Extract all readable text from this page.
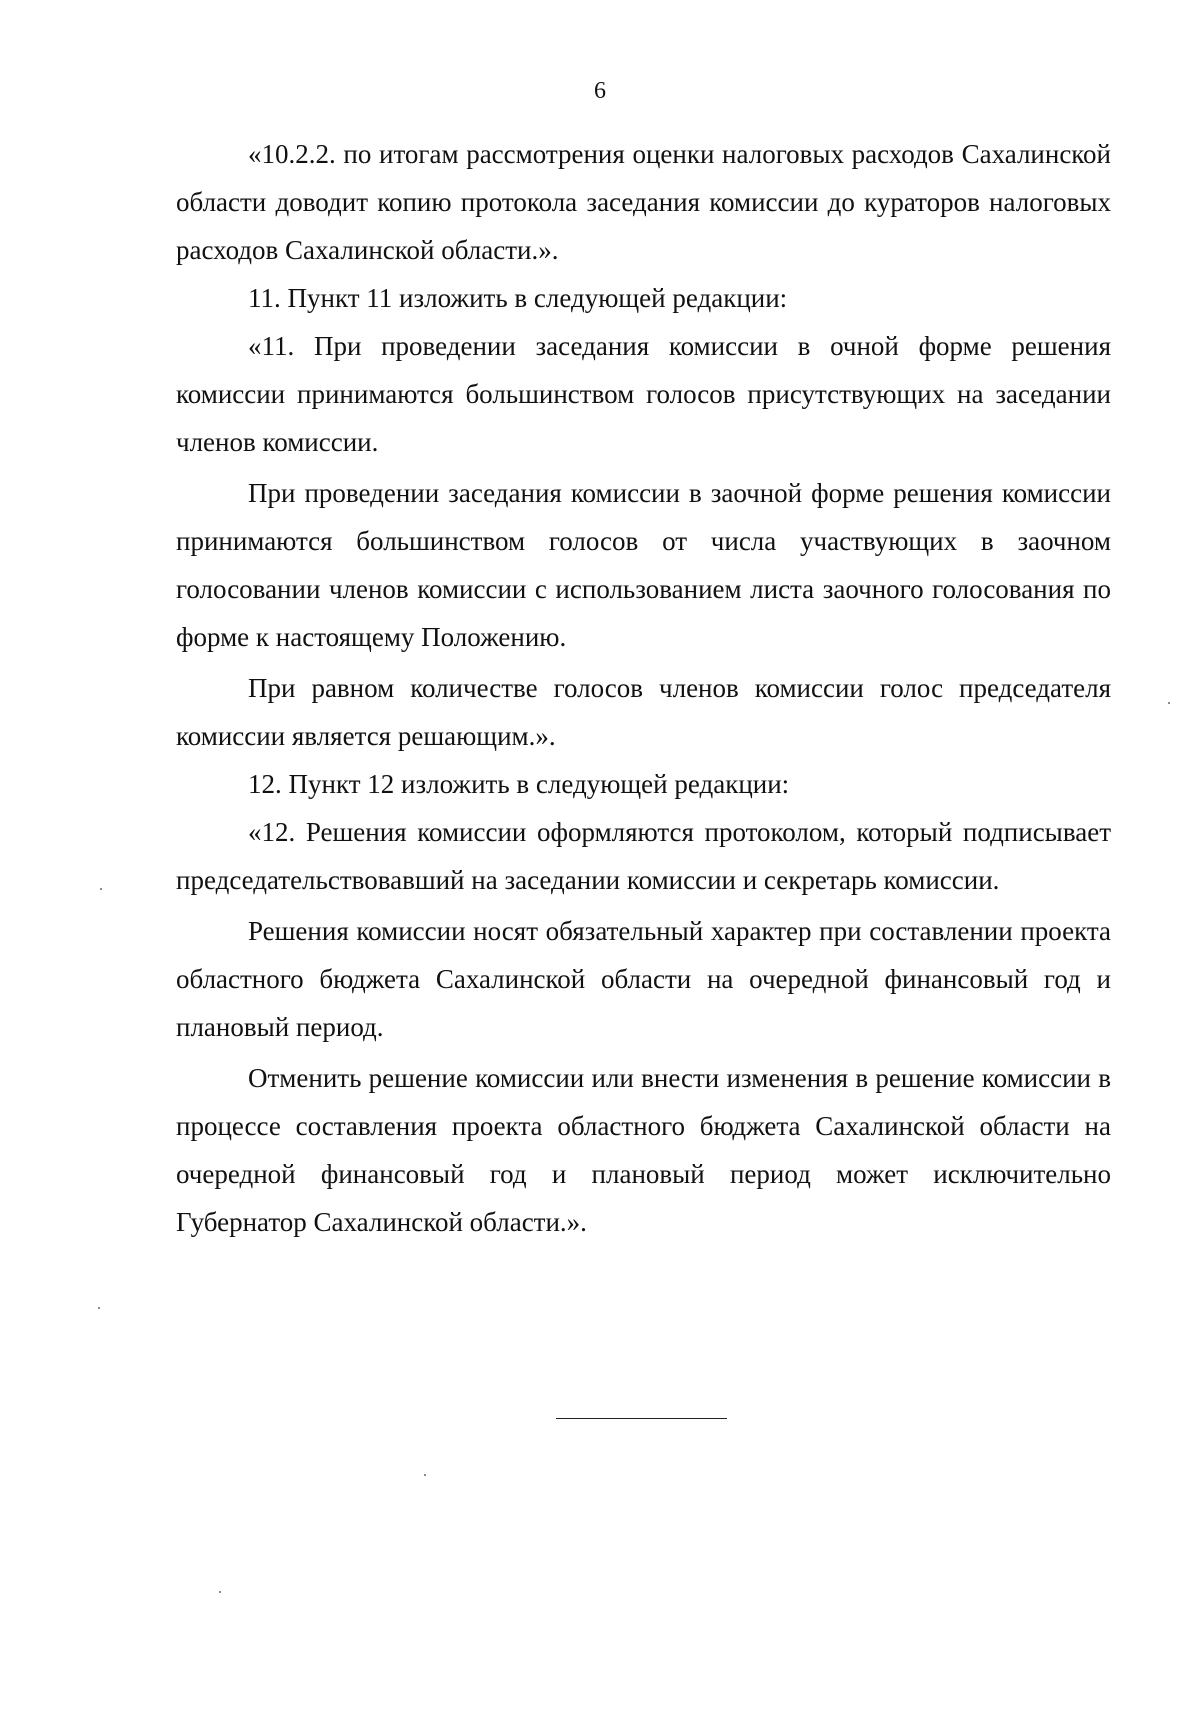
6

«10.2.2. по итогам рассмотрения оценки налоговых расходов Сахалинской области доводит копию протокола заседания комиссии до кураторов налоговых расходов Сахалинской области.».

11. Пункт 11 изложить в следующей редакции:

«11. При проведении заседания комиссии в очной форме решения комиссии принимаются большинством голосов присутствующих на заседании членов комиссии.

При проведении заседания комиссии в заочной форме решения комиссии принимаются большинством голосов от числа участвующих в заочном голосовании членов комиссии с использованием листа заочного голосования по форме к настоящему Положению.

При равном количестве голосов членов комиссии голос председателя комиссии является решающим.».

12. Пункт 12 изложить в следующей редакции:

«12. Решения комиссии оформляются протоколом, который подписывает председательствовавший на заседании комиссии и секретарь комиссии.

Решения комиссии носят обязательный характер при составлении проекта областного бюджета Сахалинской области на очередной финансовый год и плановый период.

Отменить решение комиссии или внести изменения в решение комиссии в процессе составления проекта областного бюджета Сахалинской области на очередной финансовый год и плановый период может исключительно Губернатор Сахалинской области.».
